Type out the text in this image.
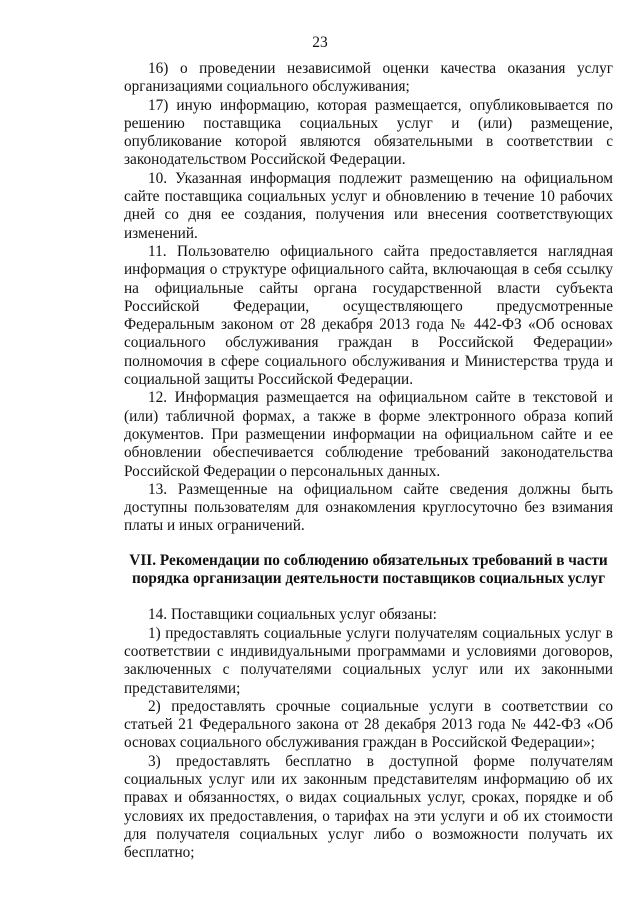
23

16) о проведении независимой оценки качества оказания услуг организациями социального обслуживания;

17) иную информацию, которая размещается, опубликовывается по решению поставщика социальных услуг и (или) размещение, опубликование которой являются обязательными в соответствии с законодательством Российской Федерации.

10. Указанная информация подлежит размещению на официальном сайте поставщика социальных услуг и обновлению в течение 10 рабочих дней со дня ее создания, получения или внесения соответствующих изменений.

11. Пользователю официального сайта предоставляется наглядная информация о структуре официального сайта, включающая в себя ссылку на официальные сайты органа государственной власти субъекта Российской Федерации, осуществляющего предусмотренные Федеральным законом от 28 декабря 2013 года № 442-ФЗ «Об основах социального обслуживания граждан в Российской Федерации» полномочия в сфере социального обслуживания и Министерства труда и социальной защиты Российской Федерации.

12. Информация размещается на официальном сайте в текстовой и (или) табличной формах, а также в форме электронного образа копий документов. При размещении информации на официальном сайте и ее обновлении обеспечивается соблюдение требований законодательства Российской Федерации о персональных данных.

13. Размещенные на официальном сайте сведения должны быть доступны пользователям для ознакомления круглосуточно без взимания платы и иных ограничений.

VII. Рекомендации по соблюдению обязательных требований в части порядка организации деятельности поставщиков социальных услуг

14. Поставщики социальных услуг обязаны:

1) предоставлять социальные услуги получателям социальных услуг в соответствии с индивидуальными программами и условиями договоров, заключенных с получателями социальных услуг или их законными представителями;

2) предоставлять срочные социальные услуги в соответствии со статьей 21 Федерального закона от 28 декабря 2013 года № 442-ФЗ «Об основах социального обслуживания граждан в Российской Федерации»;

3) предоставлять бесплатно в доступной форме получателям социальных услуг или их законным представителям информацию об их правах и обязанностях, о видах социальных услуг, сроках, порядке и об условиях их предоставления, о тарифах на эти услуги и об их стоимости для получателя социальных услуг либо о возможности получать их бесплатно;
